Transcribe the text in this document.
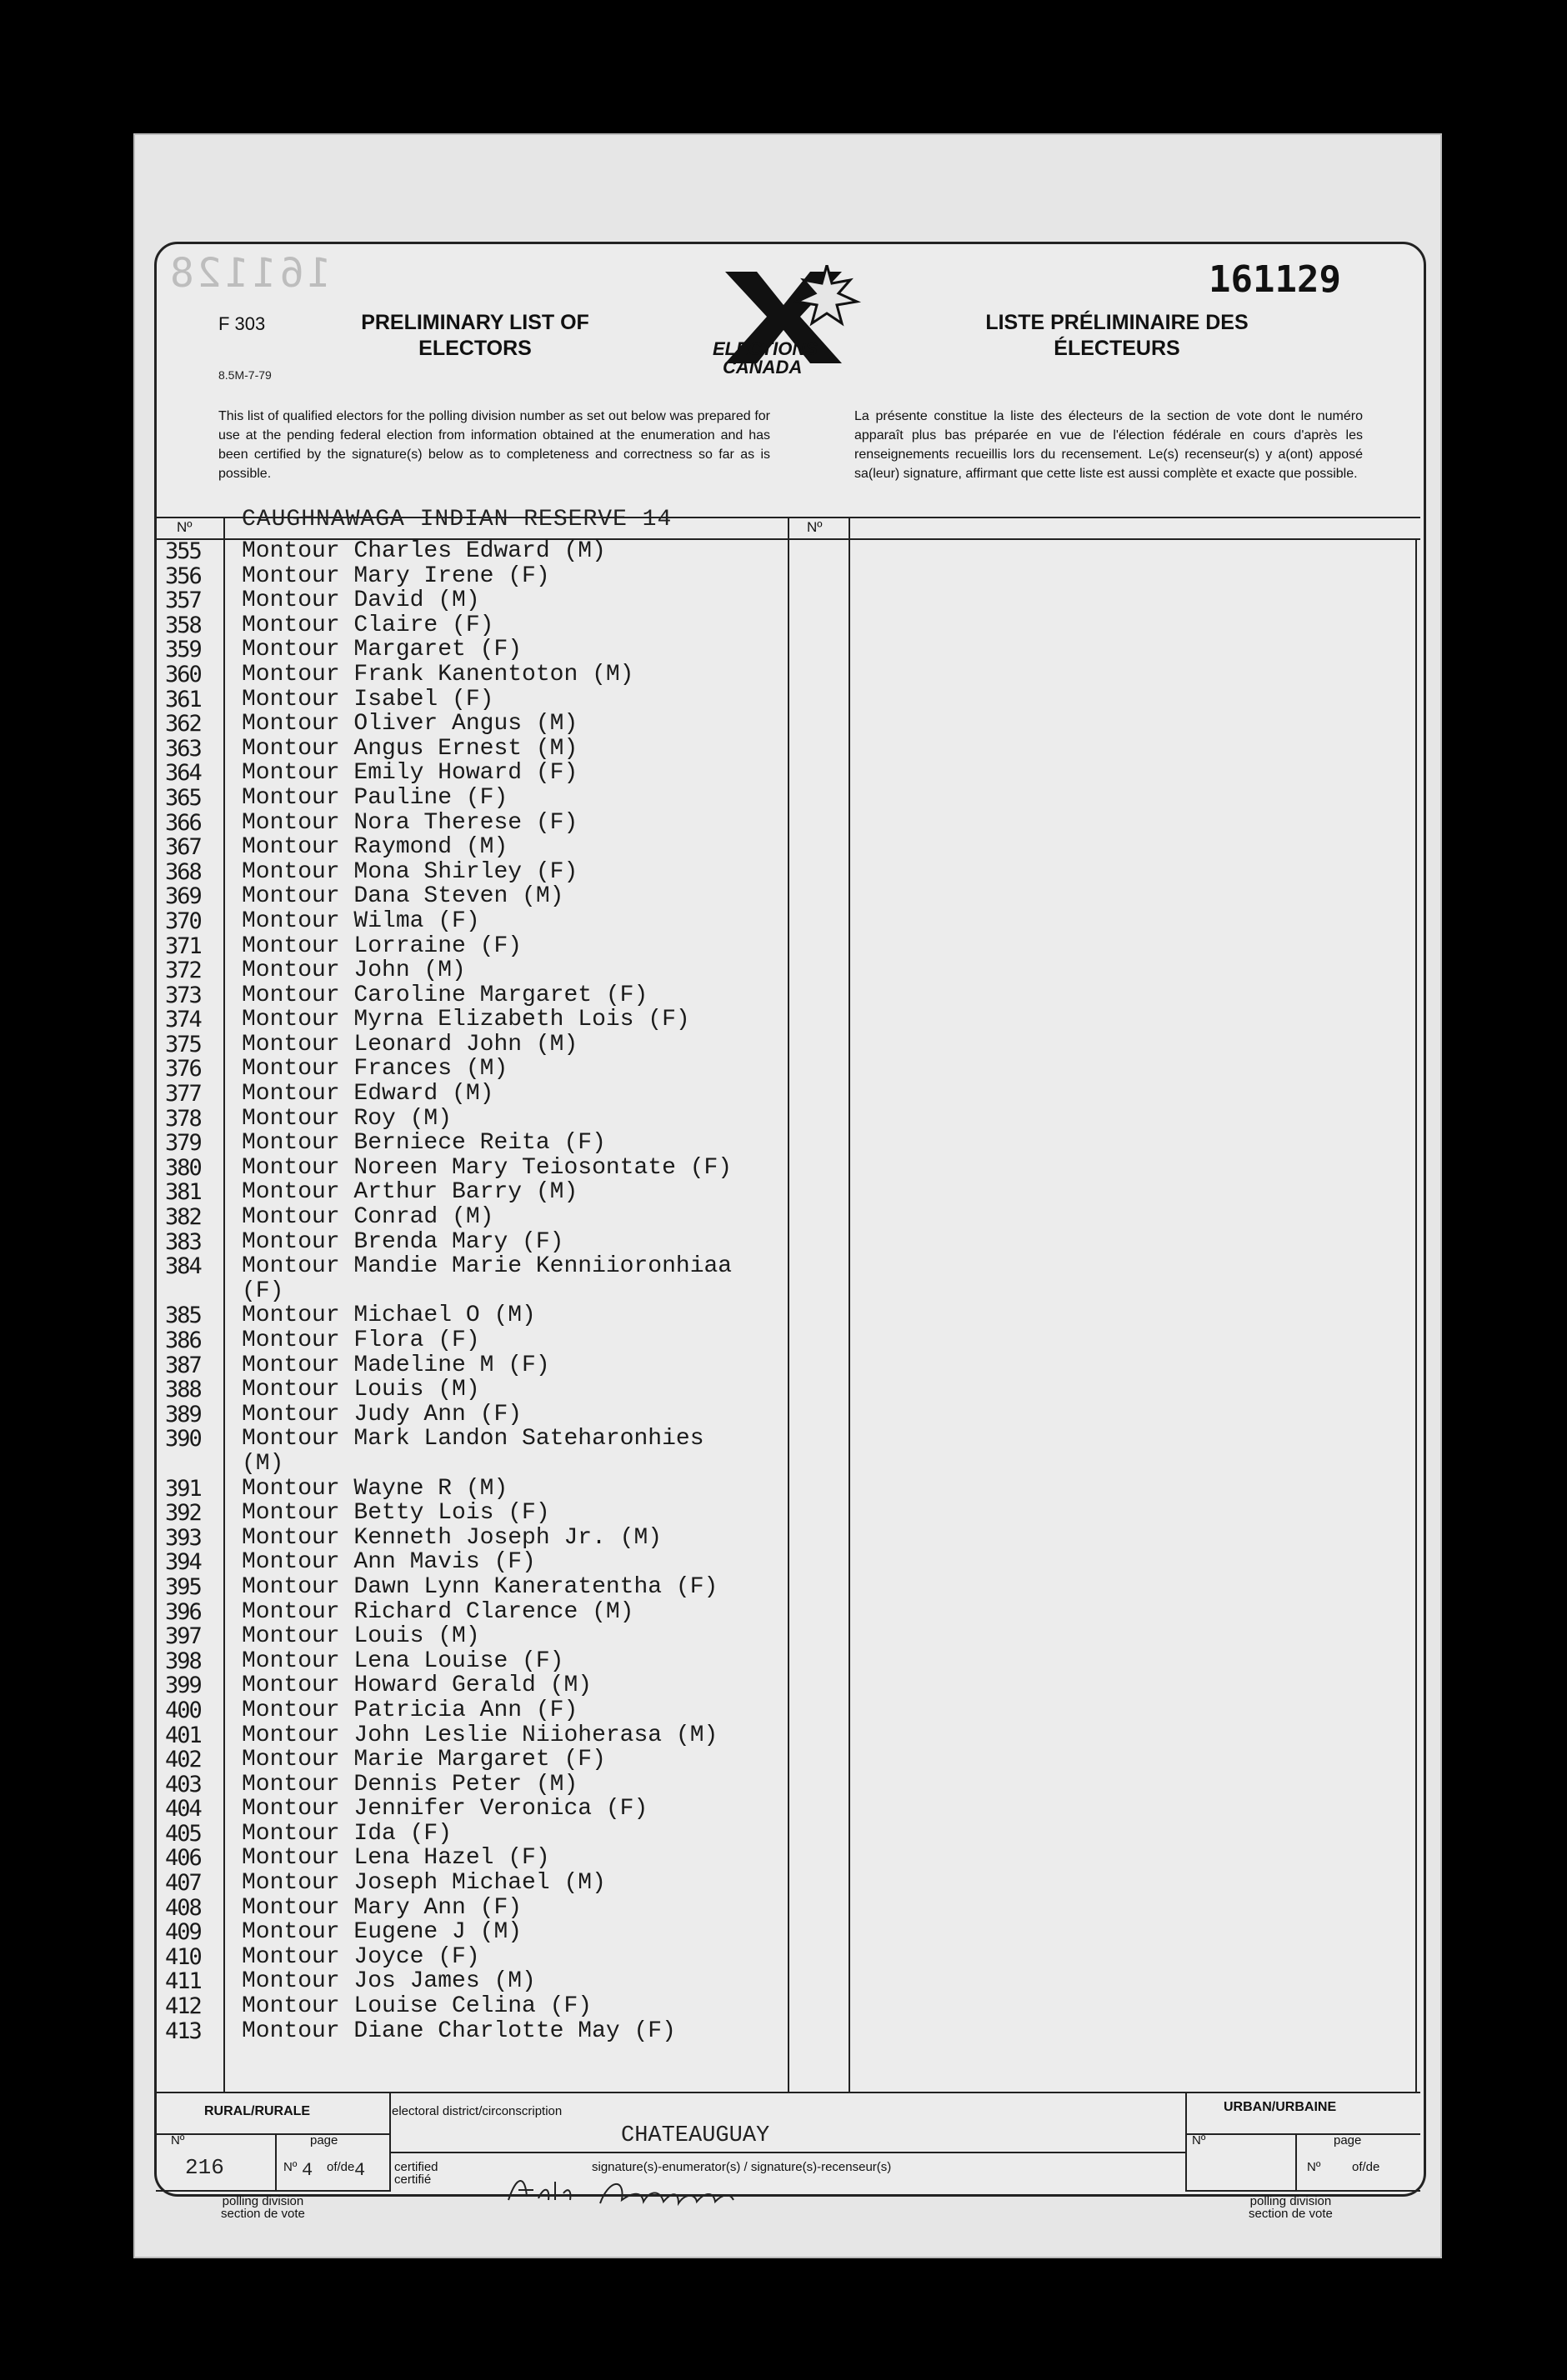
161128	161129
F 303
8.5M-7-79
PRELIMINARY LIST OF
ELECTORS	ELECTIONS
CANADA
LISTE PRÉLIMINAIRE DES
ÉLECTEURS
This list of qualified electors for the polling division number as set out below was prepared for use at the pending federal election from information obtained at the enumeration and has been certified by the signature(s) below as to completeness and correctness so far as is possible.
La présente constitue la liste des électeurs de la section de vote dont le numéro apparaît plus bas préparée en vue de l'élection fédérale en cours d'après les renseignements recueillis lors du recensement. Le(s) recenseur(s) y a(ont) apposé sa(leur) signature, affirmant que cette liste est aussi complète et exacte que possible.
Nº	Nº
CAUGHNAWAGA INDIAN RESERVE 14
355	Montour Charles Edward (M)
356	Montour Mary Irene (F)
357	Montour David (M)
358	Montour Claire (F)
359	Montour Margaret (F)
360	Montour Frank Kanentoton (M)
361	Montour Isabel (F)
362	Montour Oliver Angus (M)
363	Montour Angus Ernest (M)
364	Montour Emily Howard (F)
365	Montour Pauline (F)
366	Montour Nora Therese (F)
367	Montour Raymond (M)
368	Montour Mona Shirley (F)
369	Montour Dana Steven (M)
370	Montour Wilma (F)
371	Montour Lorraine (F)
372	Montour John (M)
373	Montour Caroline Margaret (F)
374	Montour Myrna Elizabeth Lois (F)
375	Montour Leonard John (M)
376	Montour Frances (M)
377	Montour Edward (M)
378	Montour Roy (M)
379	Montour Berniece Reita (F)
380	Montour Noreen Mary Teiosontate (F)
381	Montour Arthur Barry (M)
382	Montour Conrad (M)
383	Montour Brenda Mary (F)
384	Montour Mandie Marie Kenniioronhiaa
(F)
385	Montour Michael O (M)
386	Montour Flora (F)
387	Montour Madeline M (F)
388	Montour Louis (M)
389	Montour Judy Ann (F)
390	Montour Mark Landon Sateharonhies
(M)
391	Montour Wayne R (M)
392	Montour Betty Lois (F)
393	Montour Kenneth Joseph Jr. (M)
394	Montour Ann Mavis (F)
395	Montour Dawn Lynn Kaneratentha (F)
396	Montour Richard Clarence (M)
397	Montour Louis (M)
398	Montour Lena Louise (F)
399	Montour Howard Gerald (M)
400	Montour Patricia Ann (F)
401	Montour John Leslie Niioherasa (M)
402	Montour Marie Margaret (F)
403	Montour Dennis Peter (M)
404	Montour Jennifer Veronica (F)
405	Montour Ida (F)
406	Montour Lena Hazel (F)
407	Montour Joseph Michael (M)
408	Montour Mary Ann (F)
409	Montour Eugene J (M)
410	Montour Joyce (F)
411	Montour Jos James (M)
412	Montour Louise Celina (F)
413	Montour Diane Charlotte May (F)
RURAL/RURALE	URBAN/URBAINE
electoral district/circonscription
CHATEAUGUAY
Nº	page
216	Nº 4 of/de 4 certified
certifié
signature(s)-enumerator(s) / signature(s)-recenseur(s)
polling division
section de vote
Nº	page
Nº	of/de
polling division
section de vote
